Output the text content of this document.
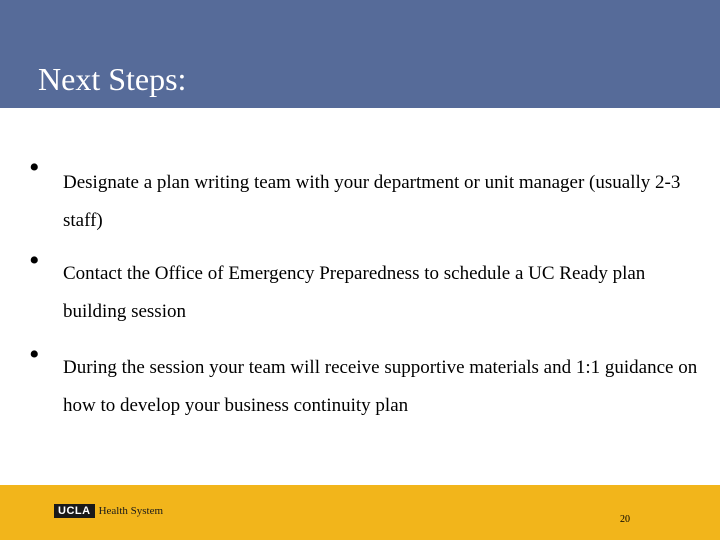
Next Steps:
• Designate a plan writing team with your department or unit manager (usually 2-3 staff)
• Contact the Office of Emergency Preparedness to schedule a UC Ready plan building session
• During the session your team will receive supportive materials and 1:1 guidance on how to develop your business continuity plan
UCLA Health System
20
